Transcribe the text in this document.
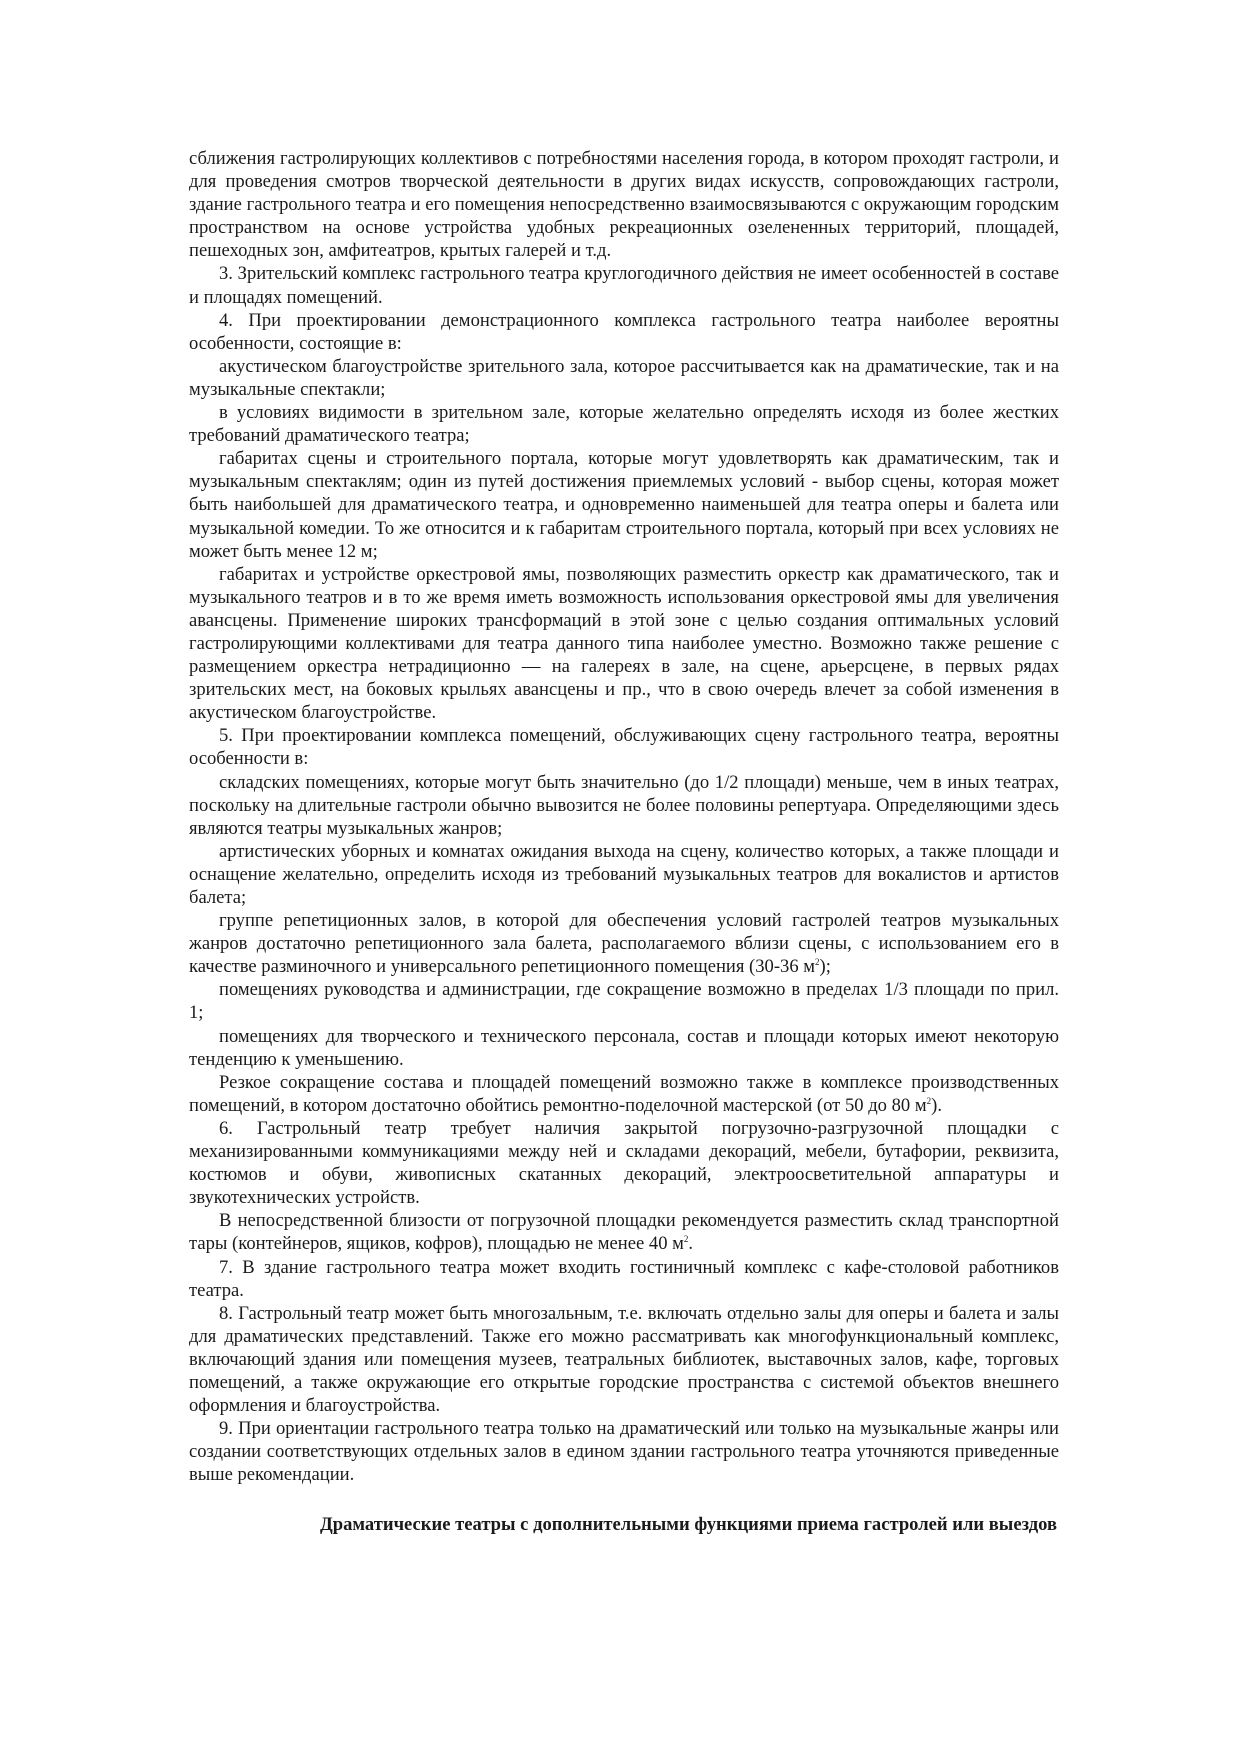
сближения гастролирующих коллективов с потребностями населения города, в котором проходят гастроли, и для проведения смотров творческой деятельности в других видах искусств, сопровождающих гастроли, здание гастрольного театра и его помещения непосредственно взаимосвязываются с окружающим городским пространством на основе устройства удобных рекреационных озелененных территорий, площадей, пешеходных зон, амфитеатров, крытых галерей и т.д.

3. Зрительский комплекс гастрольного театра круглогодичного действия не имеет особенностей в составе и площадях помещений.

4. При проектировании демонстрационного комплекса гастрольного театра наиболее вероятны особенности, состоящие в:

акустическом благоустройстве зрительного зала, которое рассчитывается как на драматические, так и на музыкальные спектакли;

в условиях видимости в зрительном зале, которые желательно определять исходя из более жестких требований драматического театра;

габаритах сцены и строительного портала, которые могут удовлетворять как драматическим, так и музыкальным спектаклям; один из путей достижения приемлемых условий - выбор сцены, которая может быть наибольшей для драматического театра, и одновременно наименьшей для театра оперы и балета или музыкальной комедии. То же относится и к габаритам строительного портала, который при всех условиях не может быть менее 12 м;

габаритах и устройстве оркестровой ямы, позволяющих разместить оркестр как драматического, так и музыкального театров и в то же время иметь возможность использования оркестровой ямы для увеличения авансцены. Применение широких трансформаций в этой зоне с целью создания оптимальных условий гастролирующими коллективами для театра данного типа наиболее уместно. Возможно также решение с размещением оркестра нетрадиционно — на галереях в зале, на сцене, арьерсцене, в первых рядах зрительских мест, на боковых крыльях авансцены и пр., что в свою очередь влечет за собой изменения в акустическом благоустройстве.

5. При проектировании комплекса помещений, обслуживающих сцену гастрольного театра, вероятны особенности в:

складских помещениях, которые могут быть значительно (до 1/2 площади) меньше, чем в иных театрах, поскольку на длительные гастроли обычно вывозится не более половины репертуара. Определяющими здесь являются театры музыкальных жанров;

артистических уборных и комнатах ожидания выхода на сцену, количество которых, а также площади и оснащение желательно, определить исходя из требований музыкальных театров для вокалистов и артистов балета;

группе репетиционных залов, в которой для обеспечения условий гастролей театров музыкальных жанров достаточно репетиционного зала балета, располагаемого вблизи сцены, с использованием его в качестве разминочного и универсального репетиционного помещения (30-36 $м^2$);

помещениях руководства и администрации, где сокращение возможно в пределах 1/3 площади по прил. 1;

помещениях для творческого и технического персонала, состав и площади которых имеют некоторую тенденцию к уменьшению.

Резкое сокращение состава и площадей помещений возможно также в комплексе производственных помещений, в котором достаточно обойтись ремонтно-поделочной мастерской (от 50 до 80 $м^2$).

6. Гастрольный театр требует наличия закрытой погрузочно-разгрузочной площадки с механизированными коммуникациями между ней и складами декораций, мебели, бутафории, реквизита, костюмов и обуви, живописных скатанных декораций, электроосветительной аппаратуры и звукотехнических устройств.

В непосредственной близости от погрузочной площадки рекомендуется разместить склад транспортной тары (контейнеров, ящиков, кофров), площадью не менее 40 $м^2$.

7. В здание гастрольного театра может входить гостиничный комплекс с кафе-столовой работников театра.

8. Гастрольный театр может быть многозальным, т.е. включать отдельно залы для оперы и балета и залы для драматических представлений. Также его можно рассматривать как многофункциональный комплекс, включающий здания или помещения музеев, театральных библиотек, выставочных залов, кафе, торговых помещений, а также окружающие его открытые городские пространства с системой объектов внешнего оформления и благоустройства.

9. При ориентации гастрольного театра только на драматический или только на музыкальные жанры или создании соответствующих отдельных залов в едином здании гастрольного театра уточняются приведенные выше рекомендации.

Драматические театры с дополнительными функциями приема гастролей или выездов
